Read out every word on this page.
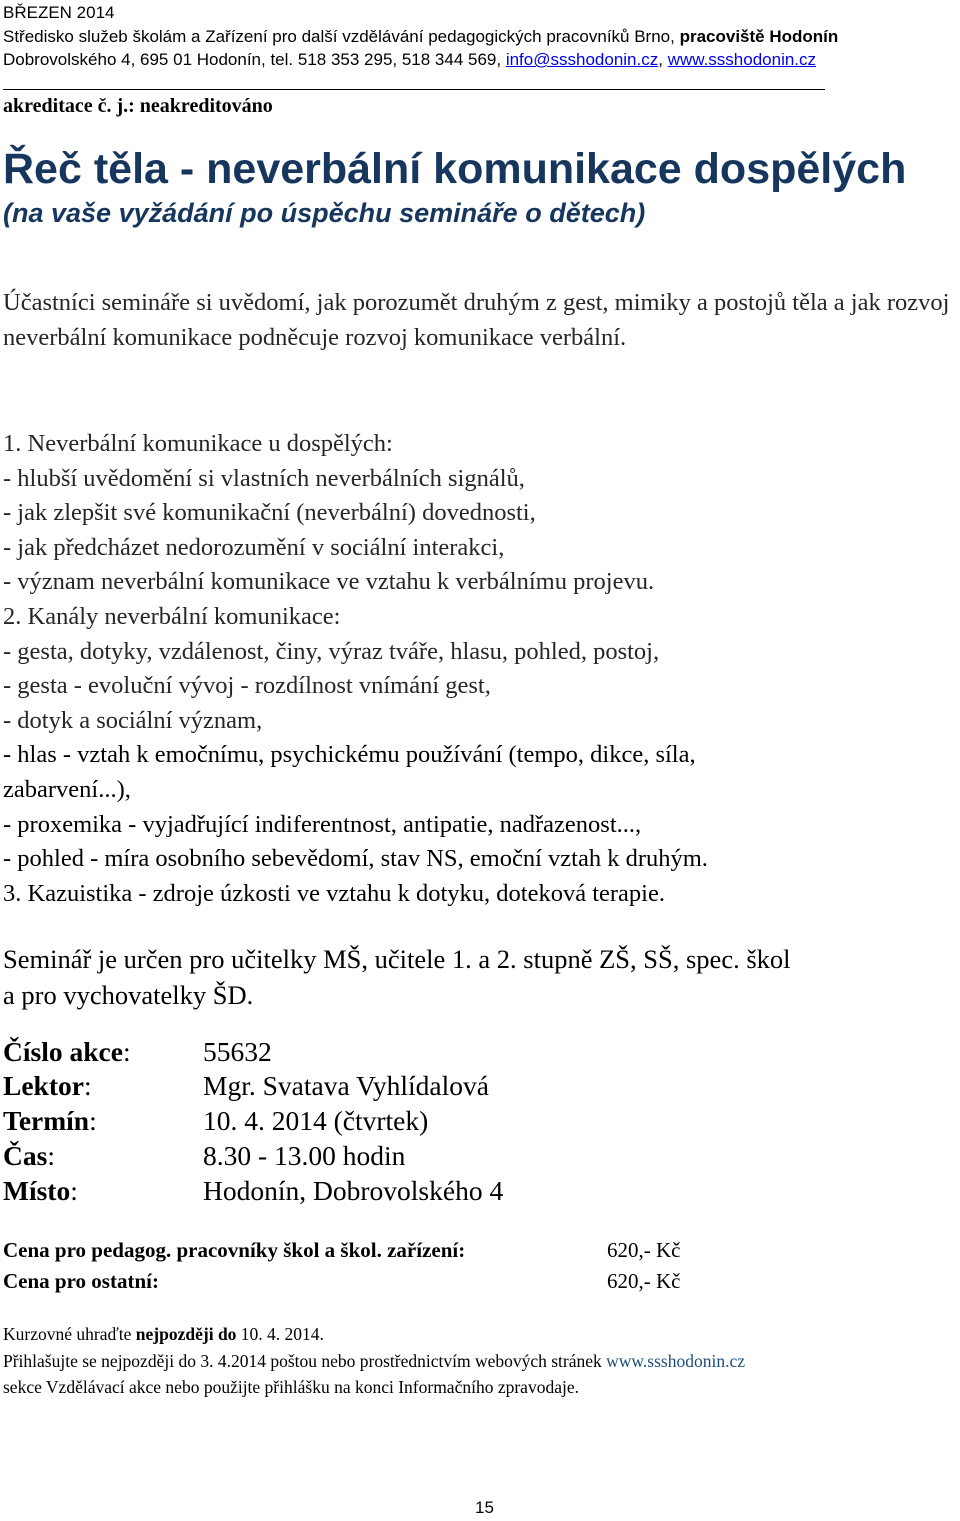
BŘEZEN 2014
Středisko služeb školám a Zařízení pro další vzdělávání pedagogických pracovníků Brno, pracoviště Hodonín
Dobrovolského 4, 695 01 Hodonín, tel. 518 353 295, 518 344 569, info@ssshodonin.cz, www.ssshodonin.cz
akreditace č. j.: neakreditováno
Řeč těla - neverbální komunikace dospělých
(na vaše vyžádání po úspěchu semináře o dětech)
Účastníci semináře si uvědomí, jak porozumět druhým z gest, mimiky a postojů těla a jak rozvoj neverbální komunikace podněcuje rozvoj komunikace verbální.
1. Neverbální komunikace u dospělých:
- hlubší uvědomění si vlastních neverbálních signálů,
- jak zlepšit své komunikační (neverbální) dovednosti,
- jak předcházet nedorozumění v sociální interakci,
- význam neverbální komunikace ve vztahu k verbálnímu projevu.
2. Kanály neverbální komunikace:
- gesta, dotyky, vzdálenost, činy, výraz tváře, hlasu, pohled, postoj,
- gesta - evoluční vývoj - rozdílnost vnímání gest,
- dotyk a sociální význam,
- hlas - vztah k emočnímu, psychickému používání (tempo, dikce, síla,
zabarvení...),
- proxemika - vyjadřující indiferentnost, antipatie, nadřazenost...,
- pohled - míra osobního sebevědomí, stav NS, emoční vztah k druhým.
3. Kazuistika - zdroje úzkosti ve vztahu k dotyku, doteková terapie.
Seminář je určen pro učitelky MŠ, učitele 1. a 2. stupně ZŠ, SŠ, spec. škol
a pro vychovatelky ŠD.
Číslo akce:	55632
Lektor:	Mgr. Svatava Vyhlídalová
Termín:	10. 4. 2014 (čtvrtek)
Čas:	8.30 - 13.00 hodin
Místo:	Hodonín, Dobrovolského 4
Cena pro pedagog. pracovníky škol a škol. zařízení:	620,- Kč
Cena pro ostatní:	620,- Kč
Kurzovné uhraďte nejpozději do 10. 4. 2014.
Přihlašujte se nejpozději do 3. 4.2014 poštou nebo prostřednictvím webových stránek www.ssshodonin.cz
sekce Vzdělávací akce nebo použijte přihlášku na konci Informačního zpravodaje.
15
